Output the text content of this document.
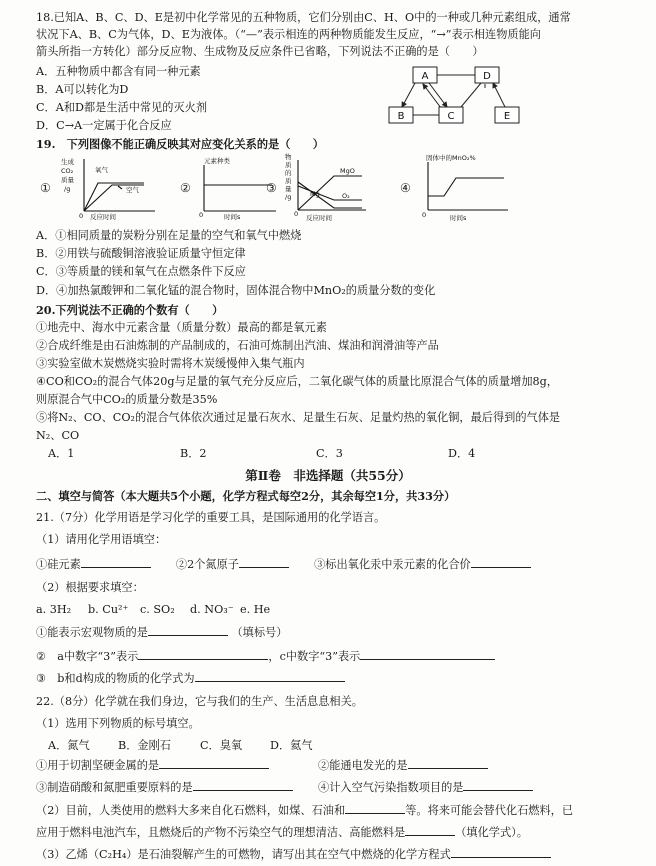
18.已知A、B、C、D、E是初中化学常见的五种物质，它们分别由C、H、O中的一种或几种元素组成，通常
状况下A、B、C为气体，D、E为液体。（“—”表示相连的两种物质能发生反应，“→”表示相连物质能向
箭头所指一方转化）部分反应物、生成物及反应条件已省略，下列说法不正确的是（　　）
A．五种物质中都含有同一种元素
B．A可以转化为D
C．A和D都是生活中常见的灭火剂
D．C→A一定属于化合反应
A
B	C
D
E
19.　下列图像不能正确反映其对应变化关系的是（　　）
①
生成
CO₂
质量
/g
氧气
空气
反应时间
0
②
元素种类
时间s
0
③
物
质
的
质
量
/g
MgO
Mg	O₂
反应时间
0
④
固体中的MnO₂%
时间s
0
A．①相同质量的炭粉分别在足量的空气和氧气中燃烧
B．②用铁与硫酸铜溶液验证质量守恒定律
C．③等质量的镁和氧气在点燃条件下反应
D．④加热氯酸钾和二氧化锰的混合物时，固体混合物中MnO₂的质量分数的变化
20.下列说法不正确的个数有（　　）
①地壳中、海水中元素含量（质量分数）最高的都是氧元素
②合成纤维是由石油炼制的产品制成的，石油可炼制出汽油、煤油和润滑油等产品
③实验室做木炭燃烧实验时需将木炭缓慢伸入集气瓶内
④CO和CO₂的混合气体20g与足量的氧气充分反应后，二氧化碳气体的质量比原混合气体的质量增加8g，
则原混合气中CO₂的质量分数是35%
⑤将N₂、CO、CO₂的混合气体依次通过足量石灰水、足量生石灰、足量灼热的氧化铜，最后得到的气体是
N₂、CO
A．1	B．2	C．3	D．4
第Ⅱ卷　非选择题（共55分）
二、填空与简答（本大题共5个小题，化学方程式每空2分，其余每空1分，共33分）
21.（7分）化学用语是学习化学的重要工具，是国际通用的化学语言。
（1）请用化学用语填空：
①硅元素	②2个氮原子	③标出氧化汞中汞元素的化合价
（2）根据要求填空：
a. 3H₂ b. Cu²⁺ c. SO₂ d. NO₃⁻ e. He
①能表示宏观物质的是	（填标号）
②　a中数字“3”表示	，c中数字“3”表示
③　b和d构成的物质的化学式为
22.（8分）化学就在我们身边，它与我们的生产、生活息息相关。
（1）选用下列物质的标号填空。
A．氮气	B．金刚石	C．臭氧 D．氦气
①用于切割坚硬金属的是	②能通电发光的是
③制造硝酸和氮肥重要原料的是	④计入空气污染指数项目的是
（2）目前，人类使用的燃料大多来自化石燃料，如煤、石油和	等。将来可能会替代化石燃料，已
应用于燃料电池汽车，且燃烧后的产物不污染空气的理想清洁、高能燃料是	（填化学式）。
（3）乙烯（C₂H₄）是石油裂解产生的可燃物，请写出其在空气中燃烧的化学方程式
